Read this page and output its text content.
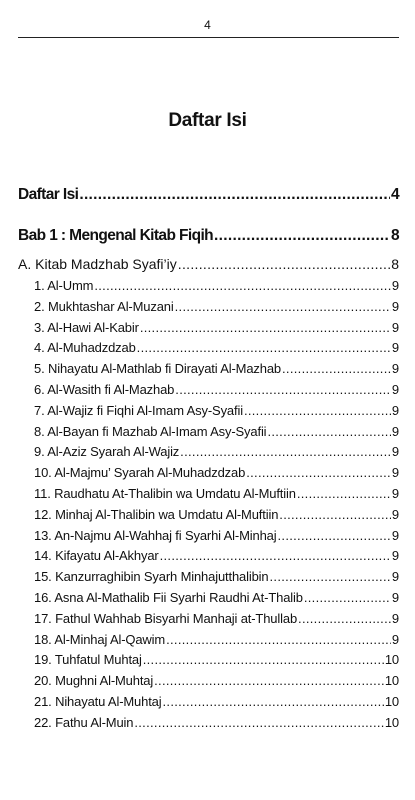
4
Daftar Isi
Daftar Isi .....	4
Bab 1 : Mengenal Kitab Fiqih .....	8
A. Kitab Madzhab Syafi’iy .....	8
1. Al-Umm .....	9
2. Mukhtashar Al-Muzani .....	9
3. Al-Hawi Al-Kabir .....	9
4. Al-Muhadzdzab .....	9
5. Nihayatu Al-Mathlab fi Dirayati Al-Mazhab .....	9
6. Al-Wasith fi Al-Mazhab .....	9
7. Al-Wajiz fi Fiqhi Al-Imam Asy-Syafii .....	9
8. Al-Bayan fi Mazhab Al-Imam Asy-Syafii .....	9
9. Al-Aziz Syarah Al-Wajiz .....	9
10. Al-Majmu’ Syarah Al-Muhadzdzab .....	9
11. Raudhatu At-Thalibin wa Umdatu Al-Muftiin .....	9
12. Minhaj Al-Thalibin wa Umdatu Al-Muftiin .....	9
13. An-Najmu Al-Wahhaj fi Syarhi Al-Minhaj .....	9
14. Kifayatu Al-Akhyar .....	9
15. Kanzurraghibin Syarh Minhajutthalibin .....	9
16. Asna Al-Mathalib Fii Syarhi Raudhi At-Thalib .....	9
17. Fathul Wahhab Bisyarhi Manhaji at-Thullab .....	9
18. Al-Minhaj Al-Qawim .....	9
19. Tuhfatul Muhtaj .....	10
20. Mughni Al-Muhtaj .....	10
21. Nihayatu Al-Muhtaj .....	10
22. Fathu Al-Muin .....	10
